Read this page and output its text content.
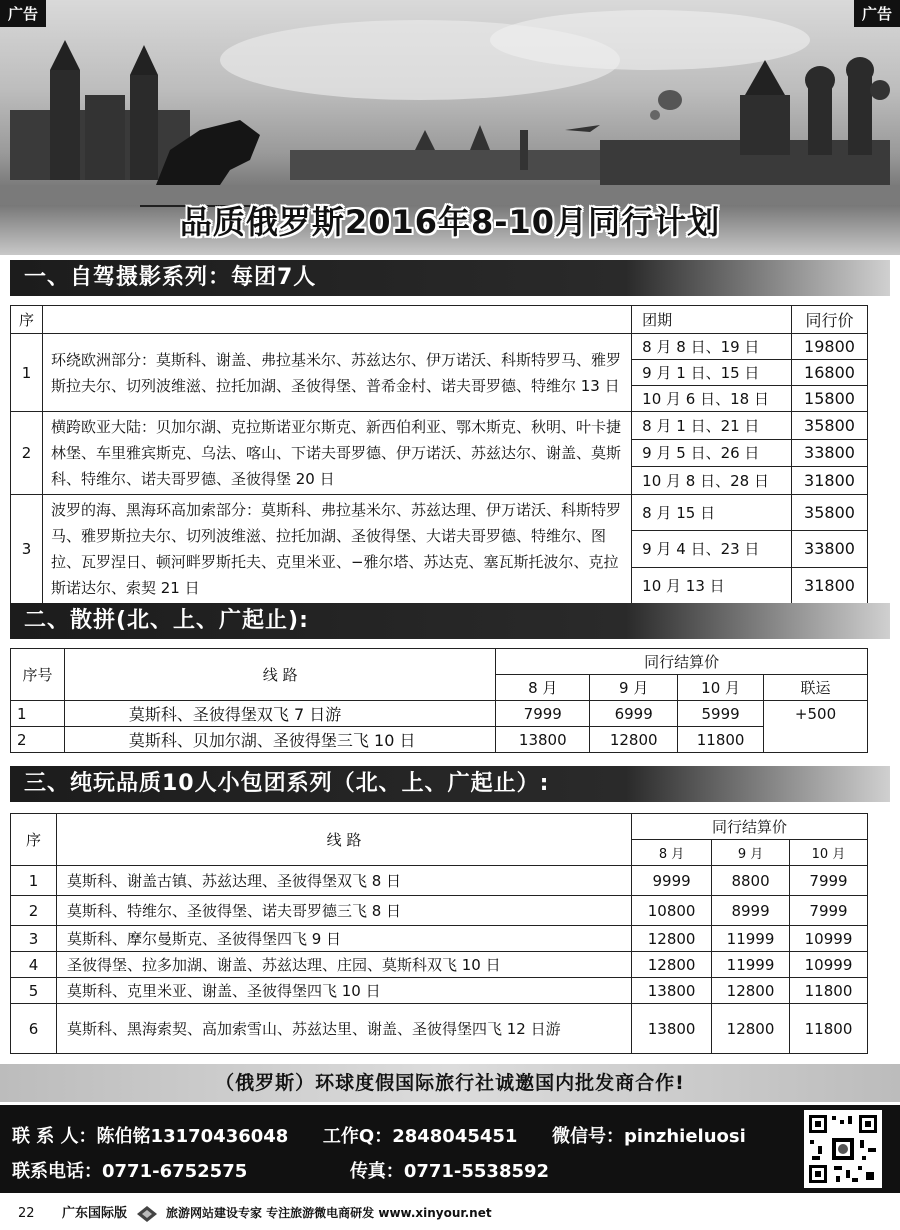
广告	广告
品质俄罗斯2016年8-10月同行计划
一、自驾摄影系列：每团7人
序		团期	同行价
1	环绕欧洲部分：莫斯科、谢盖、弗拉基米尔、苏兹达尔、伊万诺沃、科斯特罗马、雅罗斯拉夫尔、切列波维滋、拉托加湖、圣彼得堡、普希金村、诺夫哥罗德、特维尔 13 日	8 月 8 日、19 日	19800
		9 月 1 日、15 日	16800
		10 月 6 日、18 日	15800
2	横跨欧亚大陆：贝加尔湖、克拉斯诺亚尔斯克、新西伯利亚、鄂木斯克、秋明、叶卡捷林堡、车里雅宾斯克、乌法、喀山、下诺夫哥罗德、伊万诺沃、苏兹达尔、谢盖、莫斯科、特维尔、诺夫哥罗德、圣彼得堡 20 日	8 月 1 日、21 日	35800
		9 月 5 日、26 日	33800
		10 月 8 日、28 日	31800
3	波罗的海、黑海环高加索部分：莫斯科、弗拉基米尔、苏兹达理、伊万诺沃、科斯特罗马、雅罗斯拉夫尔、切列波维滋、拉托加湖、圣彼得堡、大诺夫哥罗德、特维尔、图拉、瓦罗涅日、顿河畔罗斯托夫、克里米亚、−雅尔塔、苏达克、塞瓦斯托波尔、克拉斯诺达尔、索契 21 日	8 月 15 日	35800
		9 月 4 日、23 日	33800
		10 月 13 日	31800
二、散拼(北、上、广起止):
序号	线 路	同行结算价			
		8 月	9 月	10 月	联运
1	莫斯科、圣彼得堡双飞 7 日游	7999	6999	5999	+500
2	莫斯科、贝加尔湖、圣彼得堡三飞 10 日	13800	12800	11800	
三、纯玩品质10人小包团系列（北、上、广起止）:
序	线 路	同行结算价		
		8 月	9 月	10 月
1	莫斯科、谢盖古镇、苏兹达理、圣彼得堡双飞 8 日	9999	8800	7999
2	莫斯科、特维尔、圣彼得堡、诺夫哥罗德三飞 8 日	10800	8999	7999
3	莫斯科、摩尔曼斯克、圣彼得堡四飞 9 日	12800	11999	10999
4	圣彼得堡、拉多加湖、谢盖、苏兹达理、庄园、莫斯科双飞 10 日	12800	11999	10999
5	莫斯科、克里米亚、谢盖、圣彼得堡四飞 10 日	13800	12800	11800
6	莫斯科、黑海索契、高加索雪山、苏兹达里、谢盖、圣彼得堡四飞 12 日游	13800	12800	11800
（俄罗斯）环球度假国际旅行社诚邀国内批发商合作!
联 系 人：陈伯铭13170436048 工作Q：2848045451 微信号：pinzhieluosi
联系电话：0771-6752575	传真：0771-5538592
22 广东国际版	旅游网站建设专家 专注旅游微电商研发 www.xinyour.net
